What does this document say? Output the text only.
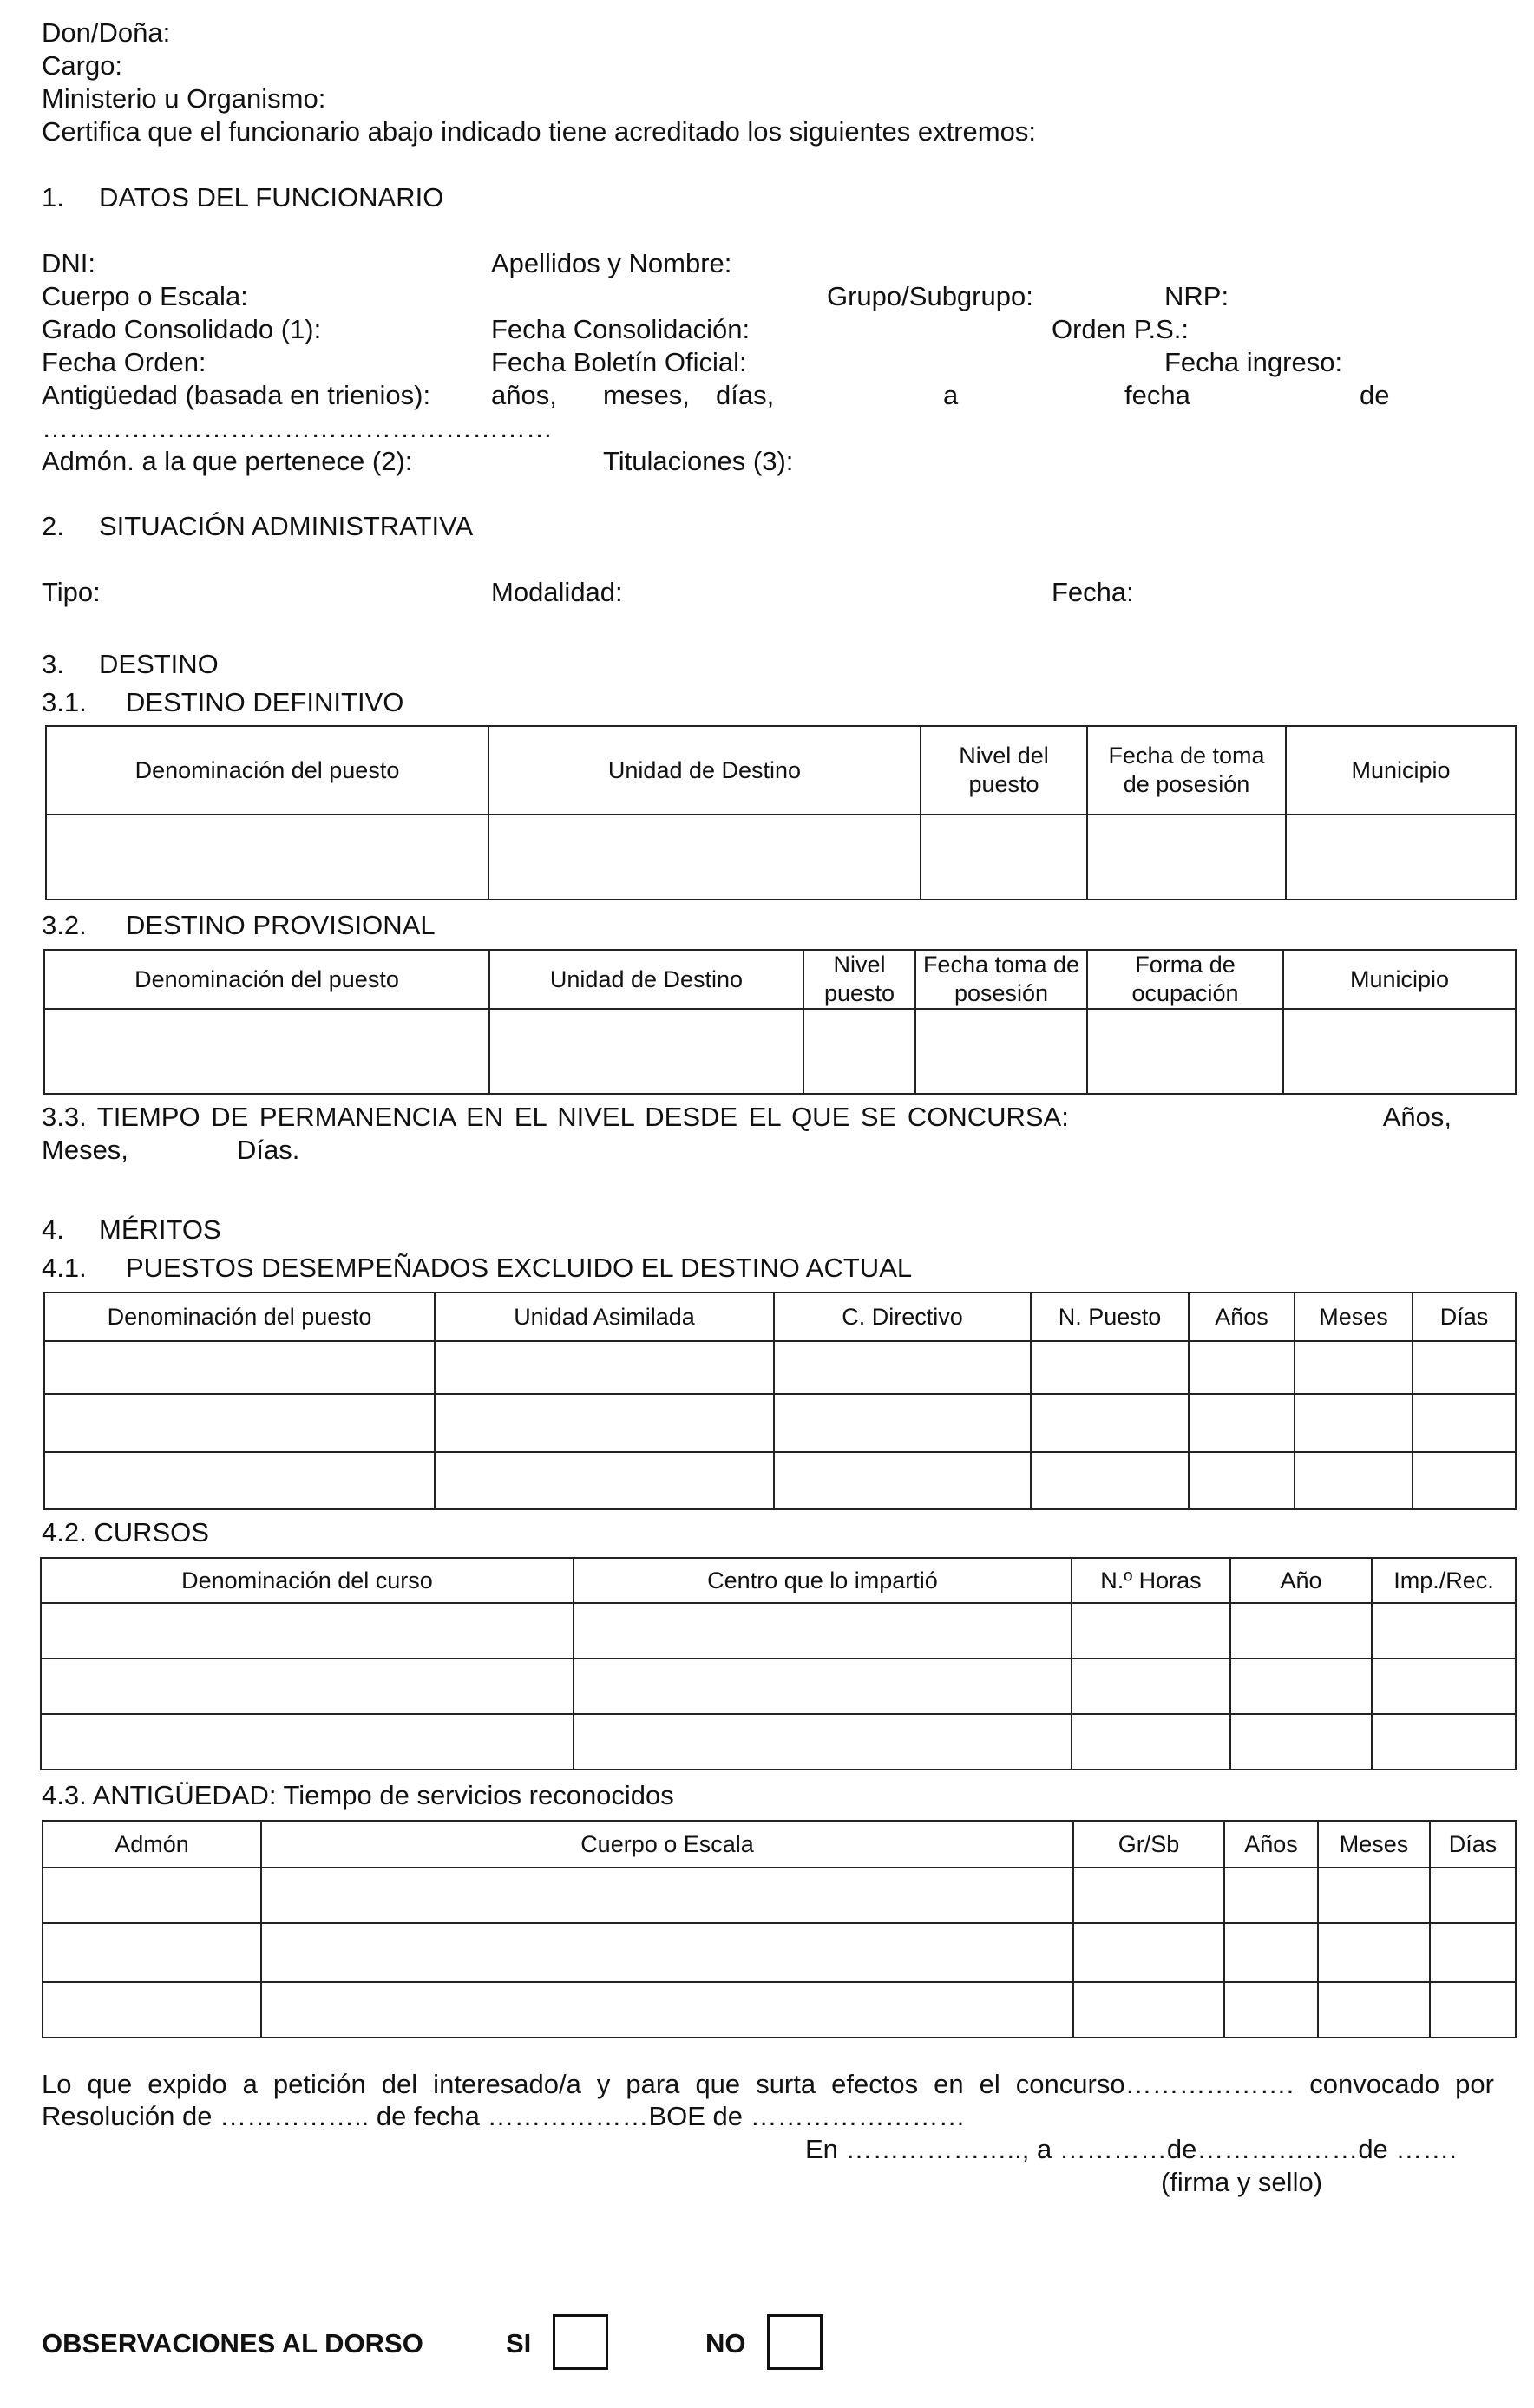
Don/Doña:
Cargo:
Ministerio u Organismo:
Certifica que el funcionario abajo indicado tiene acreditado los siguientes extremos:
1. DATOS DEL FUNCIONARIO
DNI:	Apellidos y Nombre:
Cuerpo o Escala:	Grupo/Subgrupo:	NRP:
Grado Consolidado (1):	Fecha Consolidación:	Orden P.S.:
Fecha Orden:	Fecha Boletín Oficial:	Fecha ingreso:
Antigüedad (basada en trienios): años, meses, días,	a	fecha	de
…………………………………………………
Admón. a la que pertenece (2):	Titulaciones (3):
2. SITUACIÓN ADMINISTRATIVA
Tipo:	Modalidad:	Fecha:
3. DESTINO
3.1. DESTINO DEFINITIVO
Denominación del puesto	Unidad de Destino	Nivel del puesto	Fecha de toma de posesión	Municipio

3.2. DESTINO PROVISIONAL
Denominación del puesto	Unidad de Destino	Nivel puesto	Fecha toma de posesión	Forma de ocupación	Municipio

3.3. TIEMPO DE PERMANENCIA EN EL NIVEL DESDE EL QUE SE CONCURSA:	Años,
Meses,	Días.
4. MÉRITOS
4.1. PUESTOS DESEMPEÑADOS EXCLUIDO EL DESTINO ACTUAL
Denominación del puesto	Unidad Asimilada	C. Directivo	N. Puesto	Años	Meses	Días

4.2. CURSOS
Denominación del curso	Centro que lo impartió	N.º Horas	Año	Imp./Rec.

4.3. ANTIGÜEDAD: Tiempo de servicios reconocidos
Admón	Cuerpo o Escala	Gr/Sb	Años	Meses	Días

Lo que expido a petición del interesado/a y para que surta efectos en el concurso………………. convocado por
Resolución de …………….. de fecha ………………BOE de ……………………
En ……………….., a …………de………………de …….
(firma y sello)
OBSERVACIONES AL DORSO	SI	NO
